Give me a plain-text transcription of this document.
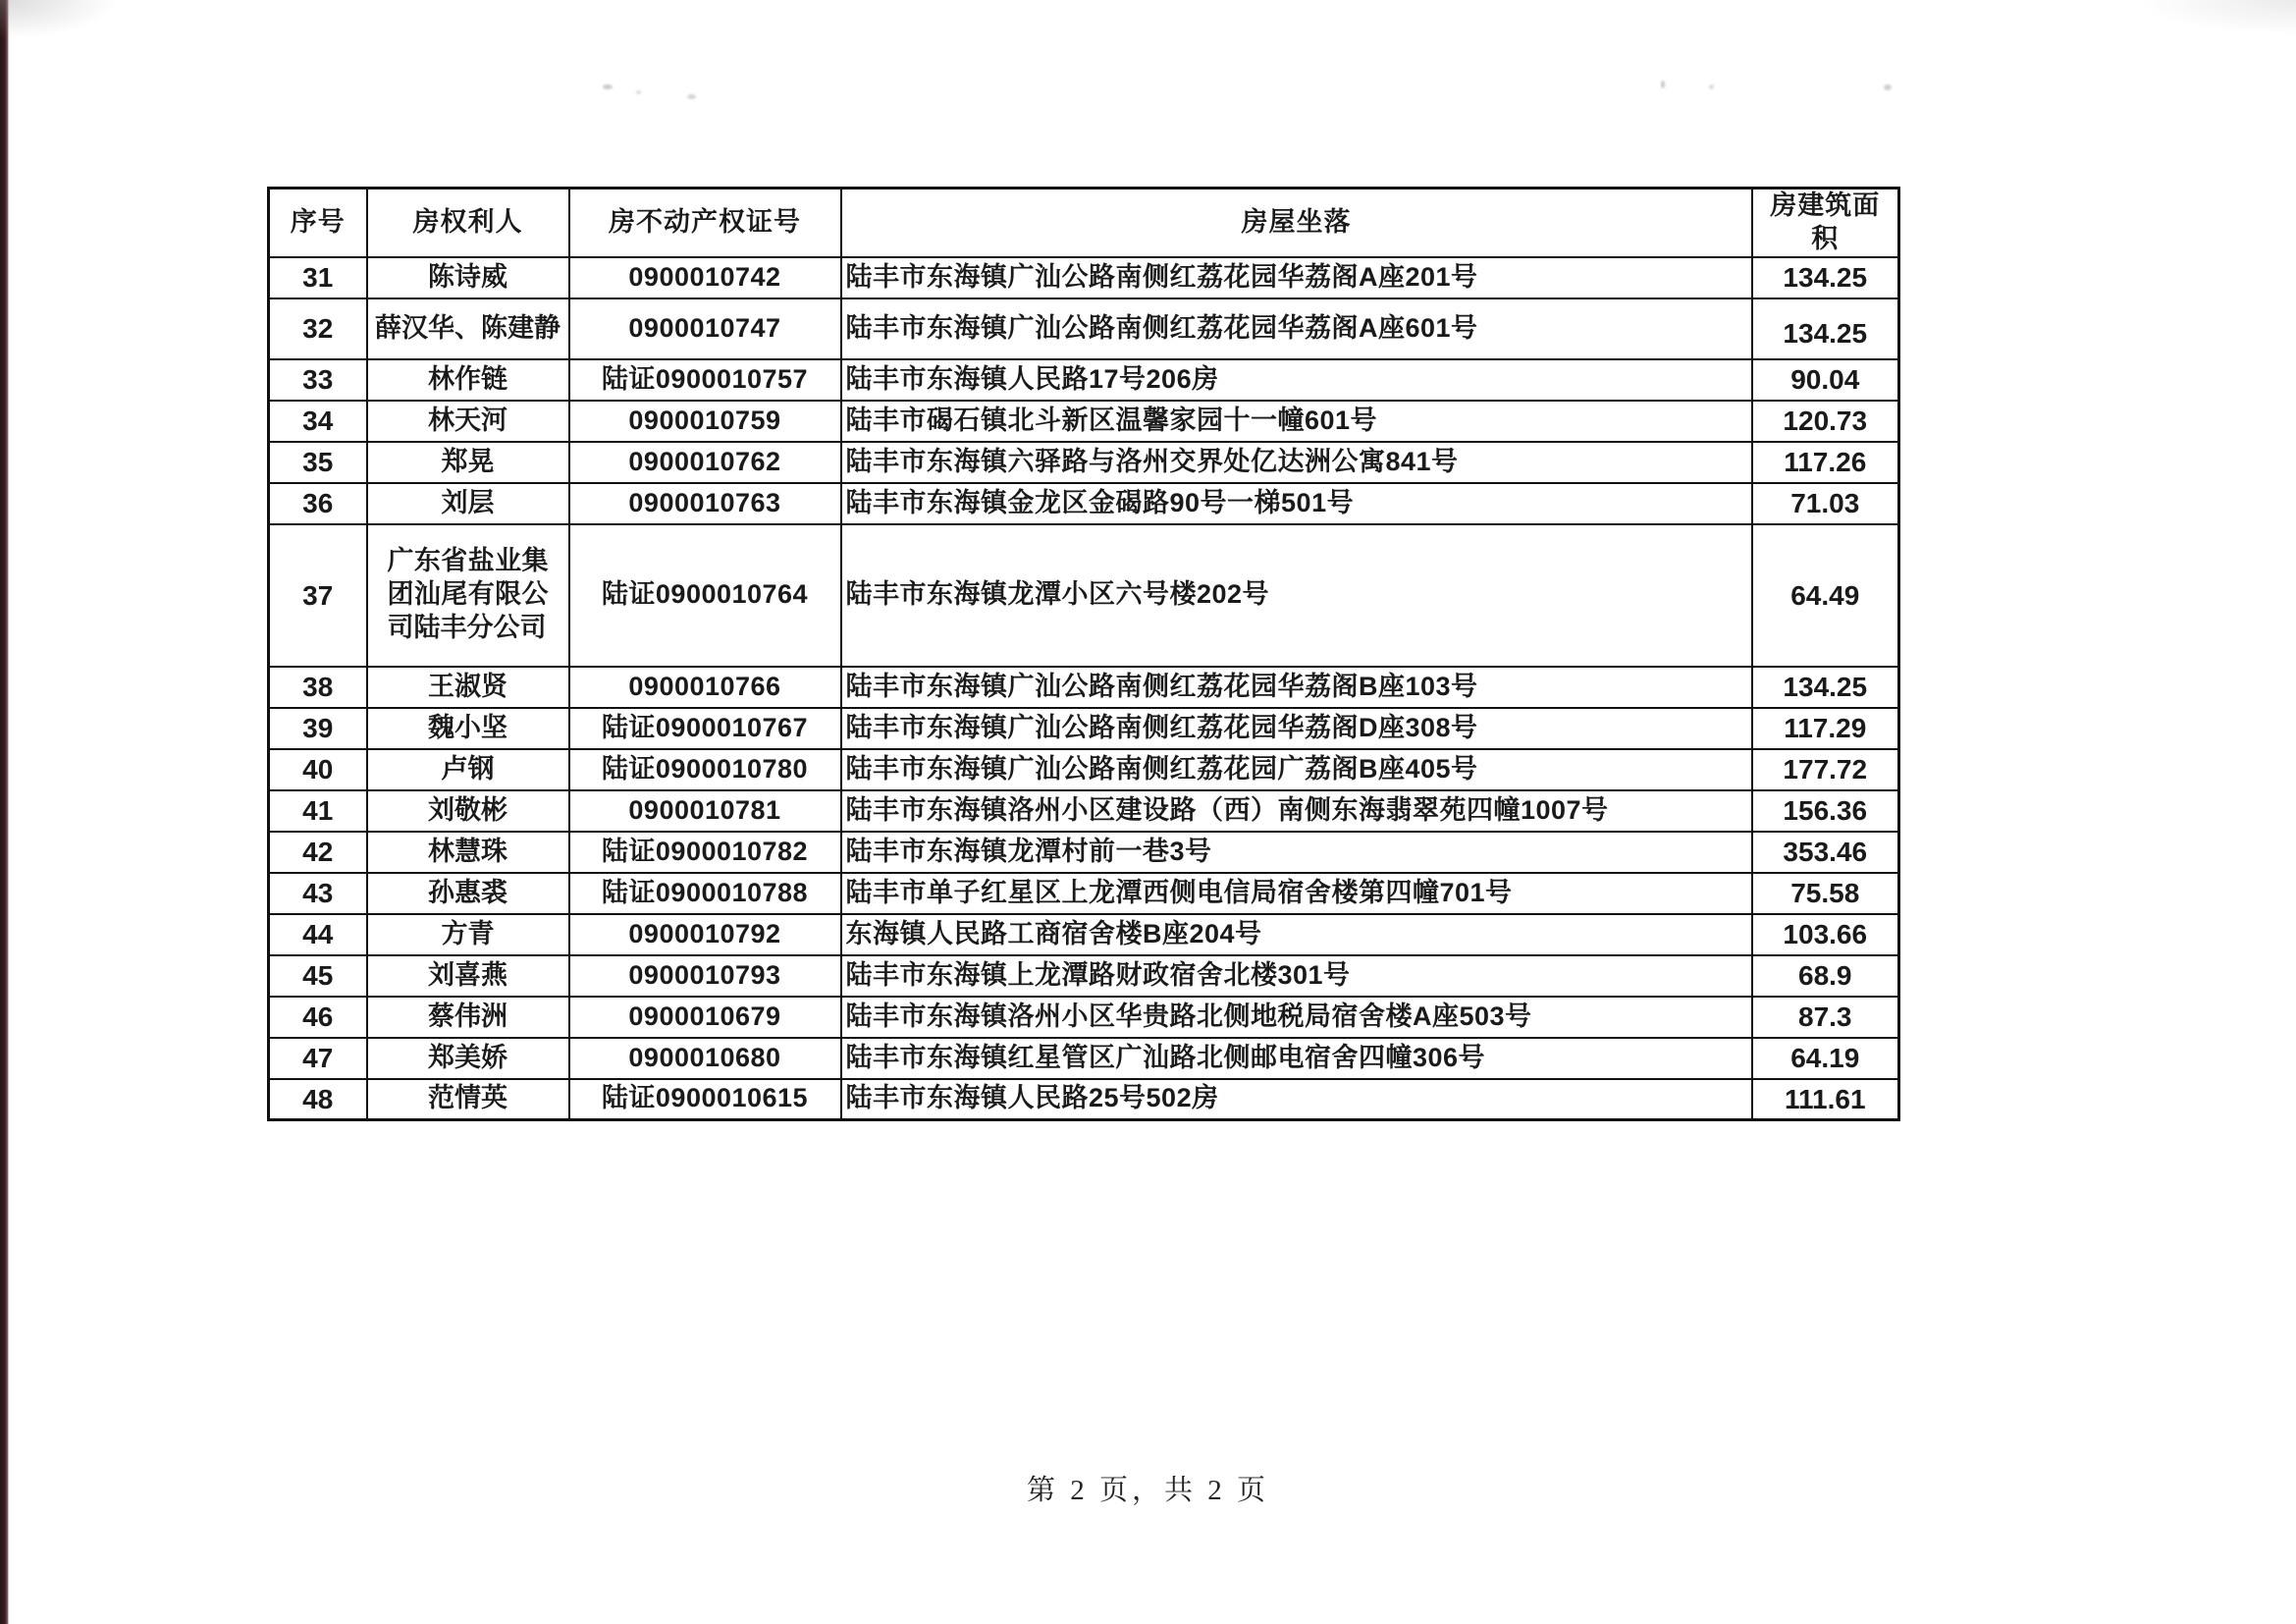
序号	房权利人	房不动产权证号	房屋坐落	房建筑面积
31	陈诗威	0900010742	陆丰市东海镇广汕公路南侧红荔花园华荔阁A座201号	134.25
32	薛汉华、陈建静	0900010747	陆丰市东海镇广汕公路南侧红荔花园华荔阁A座601号	134.25
33	林作链	陆证0900010757	陆丰市东海镇人民路17号206房	90.04
34	林天河	0900010759	陆丰市碣石镇北斗新区温馨家园十一幢601号	120.73
35	郑晃	0900010762	陆丰市东海镇六驿路与洛州交界处亿达洲公寓841号	117.26
36	刘层	0900010763	陆丰市东海镇金龙区金碣路90号一梯501号	71.03
37	广东省盐业集团汕尾有限公司陆丰分公司	陆证0900010764	陆丰市东海镇龙潭小区六号楼202号	64.49
38	王淑贤	0900010766	陆丰市东海镇广汕公路南侧红荔花园华荔阁B座103号	134.25
39	魏小坚	陆证0900010767	陆丰市东海镇广汕公路南侧红荔花园华荔阁D座308号	117.29
40	卢钢	陆证0900010780	陆丰市东海镇广汕公路南侧红荔花园广荔阁B座405号	177.72
41	刘敬彬	0900010781	陆丰市东海镇洛州小区建设路（西）南侧东海翡翠苑四幢1007号	156.36
42	林慧珠	陆证0900010782	陆丰市东海镇龙潭村前一巷3号	353.46
43	孙惠裘	陆证0900010788	陆丰市单子红星区上龙潭西侧电信局宿舍楼第四幢701号	75.58
44	方青	0900010792	东海镇人民路工商宿舍楼B座204号	103.66
45	刘喜燕	0900010793	陆丰市东海镇上龙潭路财政宿舍北楼301号	68.9
46	蔡伟洲	0900010679	陆丰市东海镇洛州小区华贵路北侧地税局宿舍楼A座503号	87.3
47	郑美娇	0900010680	陆丰市东海镇红星管区广汕路北侧邮电宿舍四幢306号	64.19
48	范情英	陆证0900010615	陆丰市东海镇人民路25号502房	111.61
第 2 页，共 2 页
